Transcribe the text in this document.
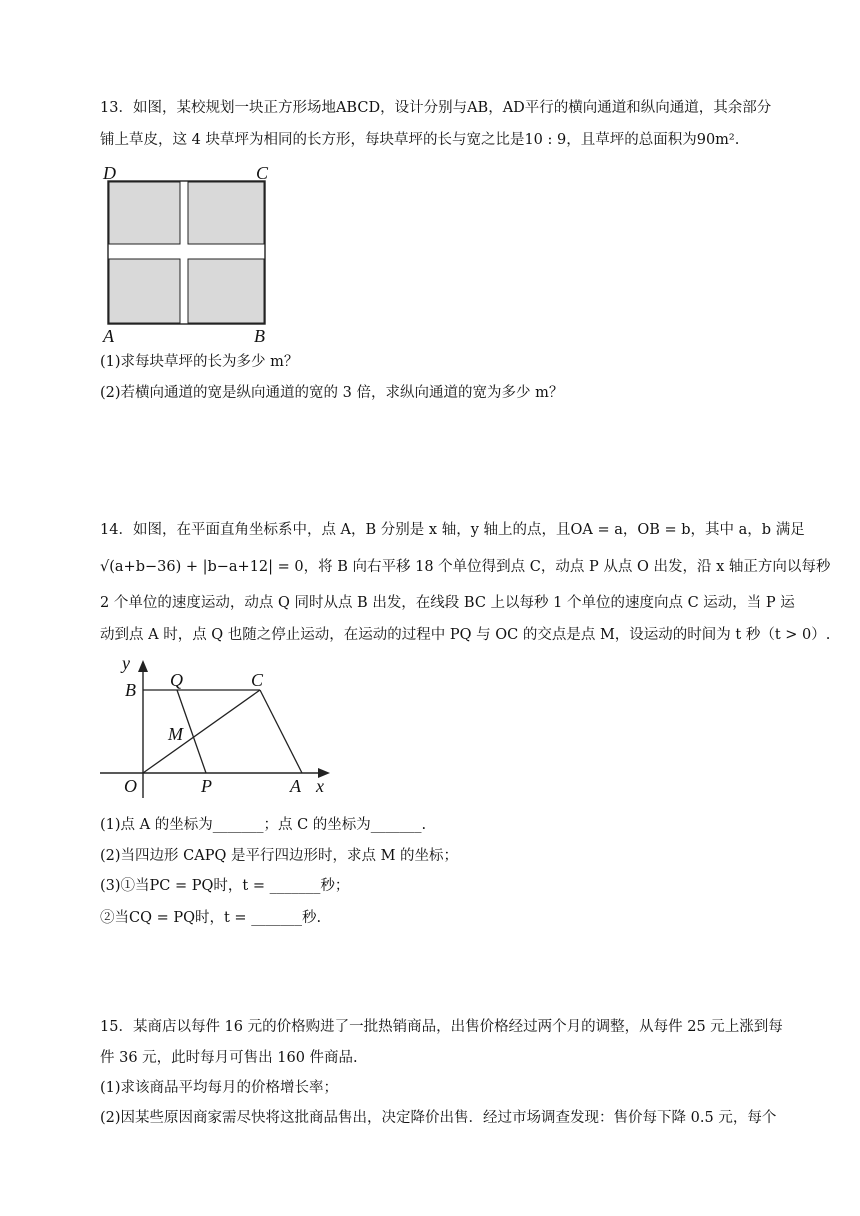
13．如图，某校规划一块正方形场地ABCD，设计分别与AB，AD平行的横向通道和纵向通道，其余部分
铺上草皮，这 4 块草坪为相同的长方形，每块草坪的长与宽之比是10 : 9，且草坪的总面积为90m².
D	C
A	B
(1)求每块草坪的长为多少 m？
(2)若横向通道的宽是纵向通道的宽的 3 倍，求纵向通道的宽为多少 m？
14．如图，在平面直角坐标系中，点 A，B 分别是 x 轴，y 轴上的点，且OA = a，OB = b，其中 a，b 满足
√(a+b−36) + |b−a+12| = 0，将 B 向右平移 18 个单位得到点 C，动点 P 从点 O 出发，沿 x 轴正方向以每秒
2 个单位的速度运动，动点 Q 同时从点 B 出发，在线段 BC 上以每秒 1 个单位的速度向点 C 运动，当 P 运
动到点 A 时，点 Q 也随之停止运动，在运动的过程中 PQ 与 OC 的交点是点 M，设运动的时间为 t 秒（t > 0）.
y
B Q	C
M
O	P	A x
(1)点 A 的坐标为_______；点 C 的坐标为_______.
(2)当四边形 CAPQ 是平行四边形时，求点 M 的坐标；
(3)①当PC = PQ时，t = _______秒；
②当CQ = PQ时，t = _______秒.
15．某商店以每件 16 元的价格购进了一批热销商品，出售价格经过两个月的调整，从每件 25 元上涨到每
件 36 元，此时每月可售出 160 件商品.
(1)求该商品平均每月的价格增长率；
(2)因某些原因商家需尽快将这批商品售出，决定降价出售．经过市场调查发现：售价每下降 0.5 元，每个
